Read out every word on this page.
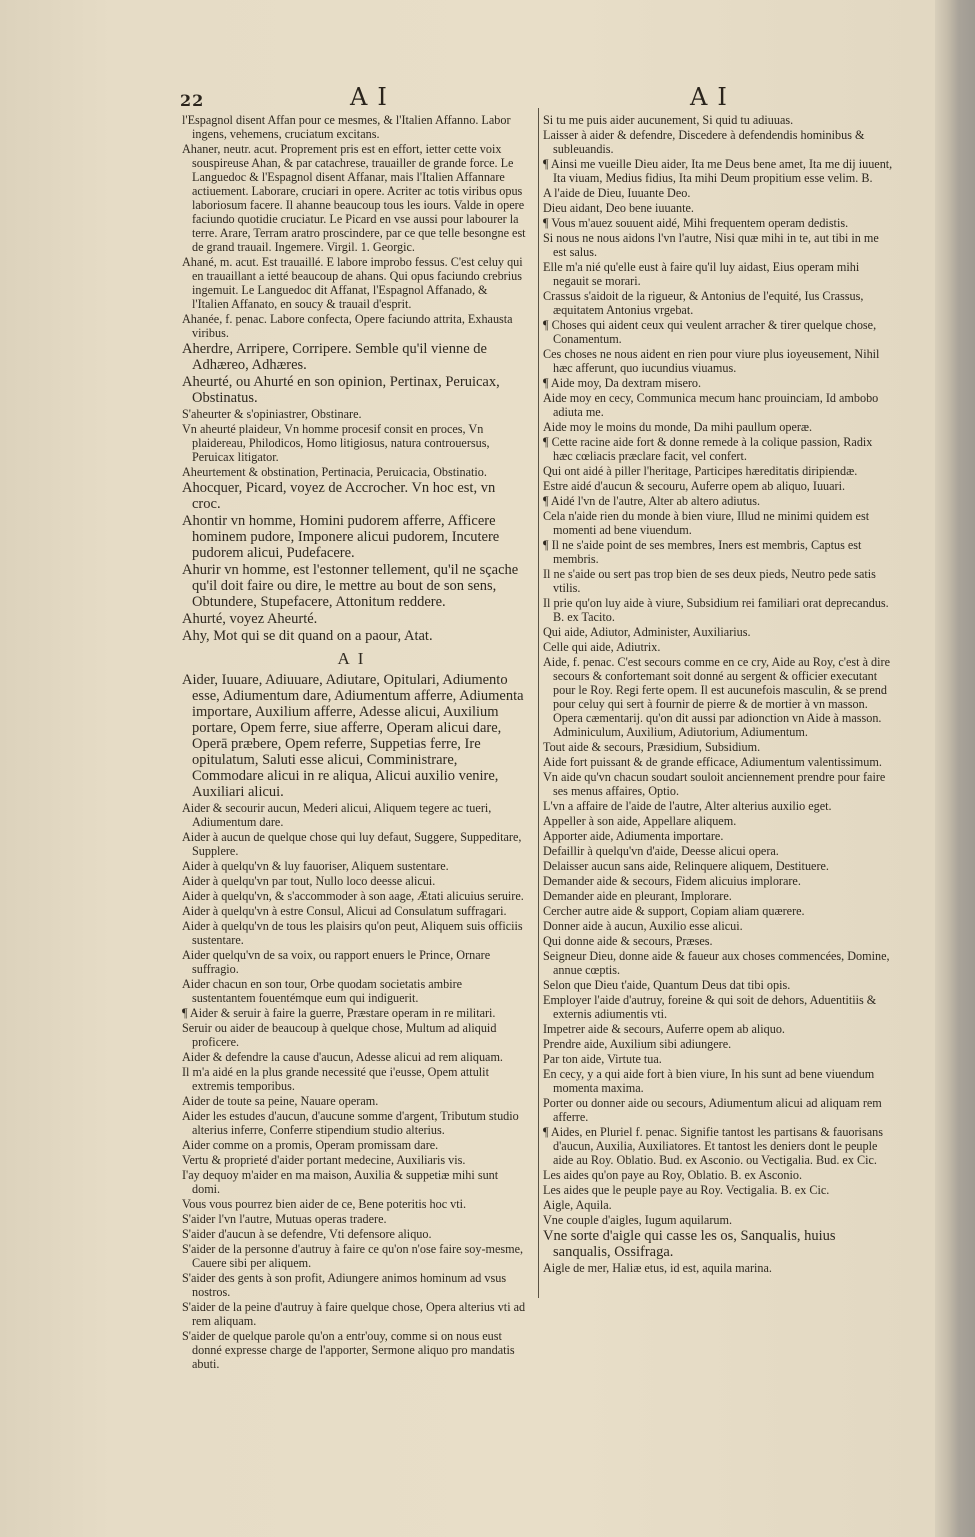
22	AI	AI
l'Espagnol disent Affan pour ce mesmes, & l'Italien Affanno. Labor ingens, vehemens, cruciatum excitans.
Ahaner, neutr. acut. Proprement pris est en effort, ietter cette voix souspireuse Ahan, & par catachrese, trauailler de grande force. Le Languedoc & l'Espagnol disent Affanar, mais l'Italien Affannare actiuement. Laborare, cruciari in opere. Acriter ac totis viribus opus laboriosum facere. Il ahanne beaucoup tous les iours. Valde in opere faciundo quotidie cruciatur. Le Picard en vse aussi pour labourer la terre. Arare, Terram aratro proscindere, par ce que telle besongne est de grand trauail. Ingemere. Virgil. 1. Georgic.
Ahané, m. acut. Est trauaillé. E labore improbo fessus. C'est celuy qui en trauaillant a ietté beaucoup de ahans. Qui opus faciundo crebrius ingemuit. Le Languedoc dit Affanat, l'Espagnol Affanado, & l'Italien Affanato, en soucy & trauail d'esprit.
Ahanée, f. penac. Labore confecta, Opere faciundo attrita, Exhausta viribus.
Aherdre, Arripere, Corripere. Semble qu'il vienne de Adhæreo, Adhæres.
Aheurté, ou Ahurté en son opinion, Pertinax, Peruicax, Obstinatus.
S'aheurter & s'opiniastrer, Obstinare.
Vn aheurté plaideur, Vn homme procesif consit en proces, Vn plaidereau, Philodicos, Homo litigiosus, natura controuersus, Peruicax litigator.
Aheurtement & obstination, Pertinacia, Peruicacia, Obstinatio.
Ahocquer, Picard, voyez de Accrocher. Vn hoc est, vn croc.
Ahontir vn homme, Homini pudorem afferre, Afficere hominem pudore, Imponere alicui pudorem, Incutere pudorem alicui, Pudefacere.
Ahurir vn homme, est l'estonner tellement, qu'il ne sçache qu'il doit faire ou dire, le mettre au bout de son sens, Obtundere, Stupefacere, Attonitum reddere.
Ahurté, voyez Aheurté.
Ahy, Mot qui se dit quand on a paour, Atat.
AI
Aider, Iuuare, Adiuuare, Adiutare, Opitulari, Adiumento esse, Adiumentum dare, Adiumentum afferre, Adiumenta importare, Auxilium afferre, Adesse alicui, Auxilium portare, Opem ferre, siue afferre, Operam alicui dare, Operā præbere, Opem referre, Suppetias ferre, Ire opitulatum, Saluti esse alicui, Comministrare, Commodare alicui in re aliqua, Alicui auxilio venire, Auxiliari alicui.
Aider & secourir aucun, Mederi alicui, Aliquem tegere ac tueri, Adiumentum dare.
Aider à aucun de quelque chose qui luy defaut, Suggere, Suppeditare, Supplere.
Aider à quelqu'vn & luy fauoriser, Aliquem sustentare.
Aider à quelqu'vn par tout, Nullo loco deesse alicui.
Aider à quelqu'vn, & s'accommoder à son aage, Ætati alicuius seruire.
Aider à quelqu'vn à estre Consul, Alicui ad Consulatum suffragari.
Aider à quelqu'vn de tous les plaisirs qu'on peut, Aliquem suis officiis sustentare.
Aider quelqu'vn de sa voix, ou rapport enuers le Prince, Ornare suffragio.
Aider chacun en son tour, Orbe quodam societatis ambire sustentantem fouentémque eum qui indiguerit.
¶ Aider & seruir à faire la guerre, Præstare operam in re militari.
Seruir ou aider de beaucoup à quelque chose, Multum ad aliquid proficere.
Aider & defendre la cause d'aucun, Adesse alicui ad rem aliquam.
Il m'a aidé en la plus grande necessité que i'eusse, Opem attulit extremis temporibus.
Aider de toute sa peine, Nauare operam.
Aider les estudes d'aucun, d'aucune somme d'argent, Tributum studio alterius inferre, Conferre stipendium studio alterius.
Aider comme on a promis, Operam promissam dare.
Vertu & proprieté d'aider portant medecine, Auxiliaris vis.
I'ay dequoy m'aider en ma maison, Auxilia & suppetiæ mihi sunt domi.
Vous vous pourrez bien aider de ce, Bene poteritis hoc vti.
S'aider l'vn l'autre, Mutuas operas tradere.
S'aider d'aucun à se defendre, Vti defensore aliquo.
S'aider de la personne d'autruy à faire ce qu'on n'ose faire soy-mesme, Cauere sibi per aliquem.
S'aider des gents à son profit, Adiungere animos hominum ad vsus nostros.
S'aider de la peine d'autruy à faire quelque chose, Opera alterius vti ad rem aliquam.
S'aider de quelque parole qu'on a entr'ouy, comme si on nous eust donné expresse charge de l'apporter, Sermone aliquo pro mandatis abuti.
Si tu me puis aider aucunement, Si quid tu adiuuas.
Laisser à aider & defendre, Discedere à defendendis hominibus & subleuandis.
¶ Ainsi me vueille Dieu aider, Ita me Deus bene amet, Ita me dij iuuent, Ita viuam, Medius fidius, Ita mihi Deum propitium esse velim. B.
A l'aide de Dieu, Iuuante Deo.
Dieu aidant, Deo bene iuuante.
¶ Vous m'auez souuent aidé, Mihi frequentem operam dedistis.
Si nous ne nous aidons l'vn l'autre, Nisi quæ mihi in te, aut tibi in me est salus.
Elle m'a nié qu'elle eust à faire qu'il luy aidast, Eius operam mihi negauit se morari.
Crassus s'aidoit de la rigueur, & Antonius de l'equité, Ius Crassus, æquitatem Antonius vrgebat.
¶ Choses qui aident ceux qui veulent arracher & tirer quelque chose, Conamentum.
Ces choses ne nous aident en rien pour viure plus ioyeusement, Nihil hæc afferunt, quo iucundius viuamus.
¶ Aide moy, Da dextram misero.
Aide moy en cecy, Communica mecum hanc prouinciam, Id ambobo adiuta me.
Aide moy le moins du monde, Da mihi paullum operæ.
¶ Cette racine aide fort & donne remede à la colique passion, Radix hæc cœliacis præclare facit, vel confert.
Qui ont aidé à piller l'heritage, Participes hæreditatis diripiendæ.
Estre aidé d'aucun & secouru, Auferre opem ab aliquo, Iuuari.
¶ Aidé l'vn de l'autre, Alter ab altero adiutus.
Cela n'aide rien du monde à bien viure, Illud ne minimi quidem est momenti ad bene viuendum.
¶ Il ne s'aide point de ses membres, Iners est membris, Captus est membris.
Il ne s'aide ou sert pas trop bien de ses deux pieds, Neutro pede satis vtilis.
Il prie qu'on luy aide à viure, Subsidium rei familiari orat deprecandus. B. ex Tacito.
Qui aide, Adiutor, Administer, Auxiliarius.
Celle qui aide, Adiutrix.
Aide, f. penac. C'est secours comme en ce cry, Aide au Roy, c'est à dire secours & confortemant soit donné au sergent & officier executant pour le Roy. Regi ferte opem. Il est aucunefois masculin, & se prend pour celuy qui sert à fournir de pierre & de mortier à vn masson. Opera cæmentarij. qu'on dit aussi par adionction vn Aide à masson. Adminiculum, Auxilium, Adiutorium, Adiumentum.
Tout aide & secours, Præsidium, Subsidium.
Aide fort puissant & de grande efficace, Adiumentum valentissimum.
Vn aide qu'vn chacun soudart souloit anciennement prendre pour faire ses menus affaires, Optio.
L'vn a affaire de l'aide de l'autre, Alter alterius auxilio eget.
Appeller à son aide, Appellare aliquem.
Apporter aide, Adiumenta importare.
Defaillir à quelqu'vn d'aide, Deesse alicui opera.
Delaisser aucun sans aide, Relinquere aliquem, Destituere.
Demander aide & secours, Fidem alicuius implorare.
Demander aide en pleurant, Implorare.
Cercher autre aide & support, Copiam aliam quærere.
Donner aide à aucun, Auxilio esse alicui.
Qui donne aide & secours, Præses.
Seigneur Dieu, donne aide & faueur aux choses commencées, Domine, annue cœptis.
Selon que Dieu t'aide, Quantum Deus dat tibi opis.
Employer l'aide d'autruy, foreine & qui soit de dehors, Aduentitiis & externis adiumentis vti.
Impetrer aide & secours, Auferre opem ab aliquo.
Prendre aide, Auxilium sibi adiungere.
Par ton aide, Virtute tua.
En cecy, y a qui aide fort à bien viure, In his sunt ad bene viuendum momenta maxima.
Porter ou donner aide ou secours, Adiumentum alicui ad aliquam rem afferre.
¶ Aides, en Pluriel f. penac. Signifie tantost les partisans & fauorisans d'aucun, Auxilia, Auxiliatores. Et tantost les deniers dont le peuple aide au Roy. Oblatio. Bud. ex Asconio. ou Vectigalia. Bud. ex Cic.
Les aides qu'on paye au Roy, Oblatio. B. ex Asconio.
Les aides que le peuple paye au Roy. Vectigalia. B. ex Cic.
Aigle, Aquila.
Vne couple d'aigles, Iugum aquilarum.
Vne sorte d'aigle qui casse les os, Sanqualis, huius sanqualis, Ossifraga.
Aigle de mer, Haliæ etus, id est, aquila marina.
